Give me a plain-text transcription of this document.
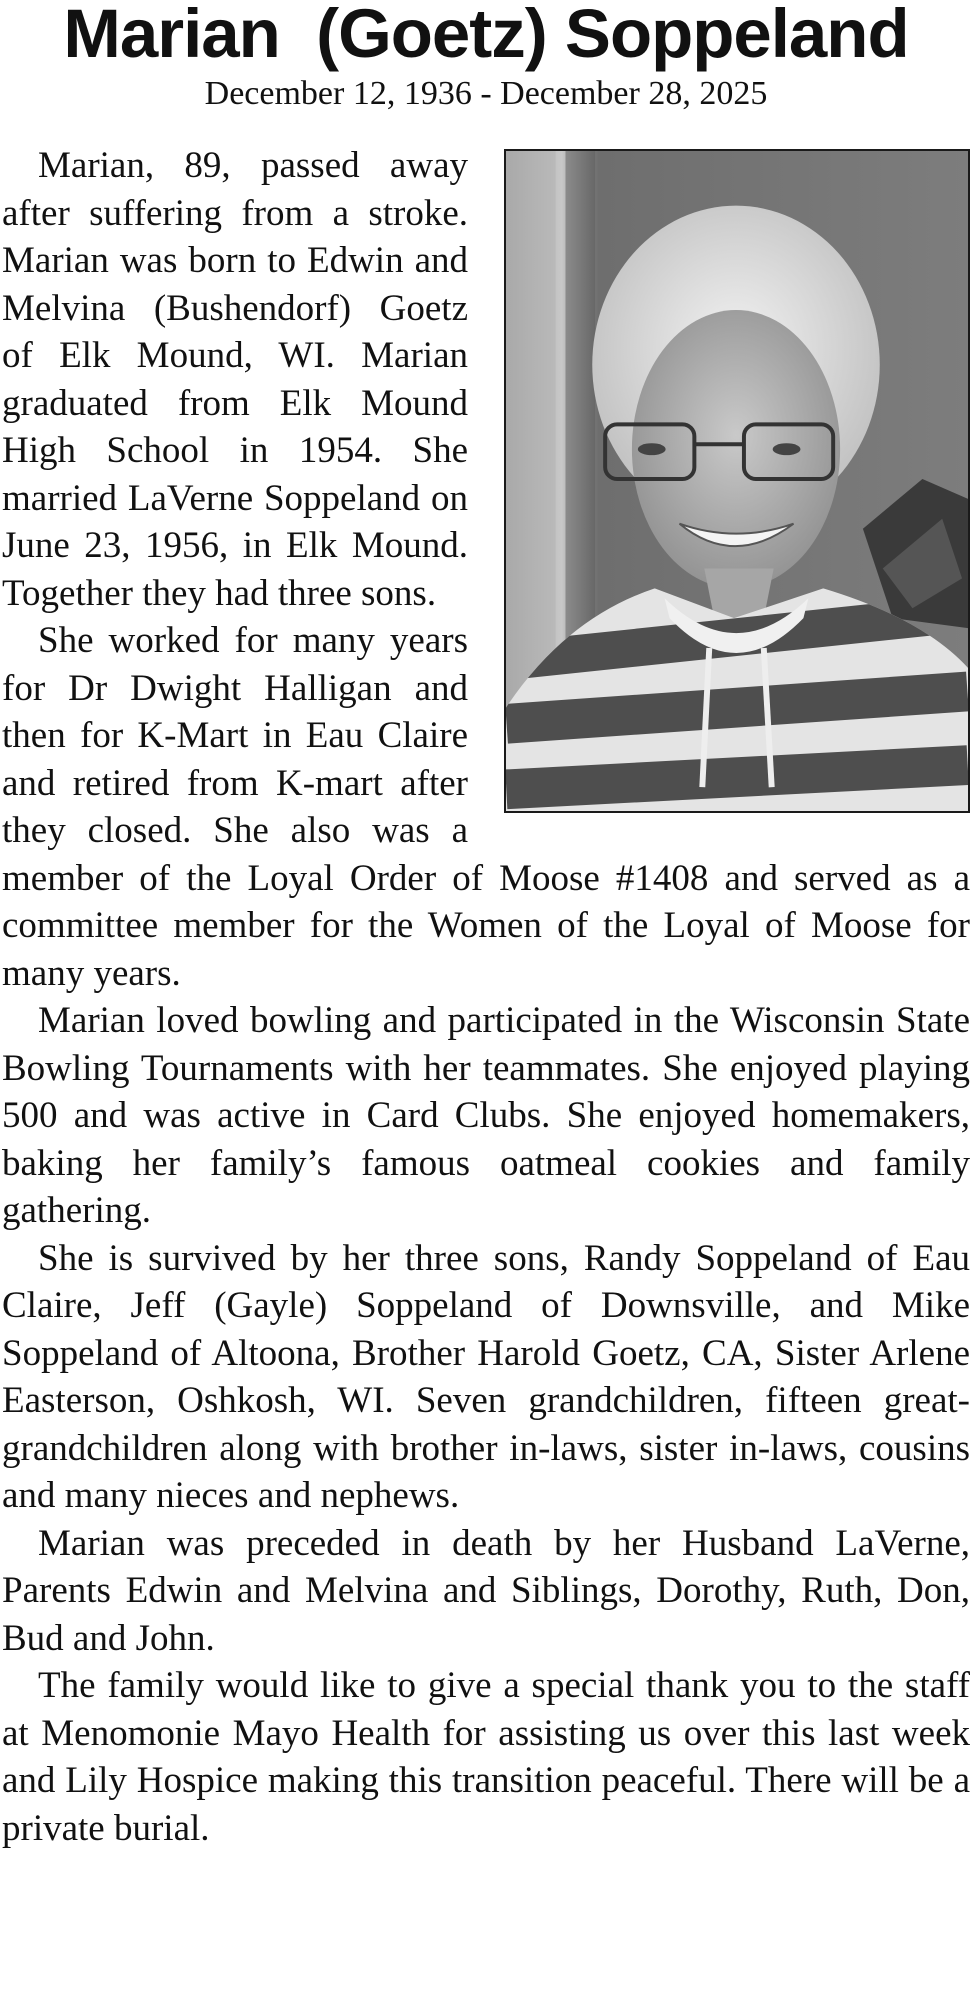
Marian  (Goetz) Soppeland
December 12, 1936 - December 28, 2025

Marian, 89, passed away after suffering from a stroke. Marian was born to Edwin and Melvina (Bushendorf) Goetz of Elk Mound, WI. Marian graduated from Elk Mound High School in 1954. She married LaVerne Soppeland on June 23, 1956, in Elk Mound. Together they had three sons.

She worked for many years for Dr Dwight Halligan and then for K-Mart in Eau Claire and retired from K-mart after they closed. She also was a member of the Loyal Order of Moose #1408 and served as a committee member for the Women of the Loyal of Moose for many years.

Marian loved bowling and participated in the Wisconsin State Bowling Tournaments with her teammates. She enjoyed playing 500 and was active in Card Clubs. She enjoyed homemakers, baking her family’s famous oatmeal cookies and family gathering.

She is survived by her three sons, Randy Soppeland of Eau Claire, Jeff (Gayle) Soppeland of Downsville, and Mike Soppeland of Altoona, Brother Harold Goetz, CA, Sister Arlene Easterson, Oshkosh, WI. Seven grandchildren, fifteen great-grandchildren along with brother in-laws, sister in-laws, cousins and many nieces and nephews.

Marian was preceded in death by her Husband LaVerne, Parents Edwin and Melvina and Siblings, Dorothy, Ruth, Don, Bud and John.

The family would like to give a special thank you to the staff at Menomonie Mayo Health for assisting us over this last week and Lily Hospice making this transition peaceful. There will be a private burial.
